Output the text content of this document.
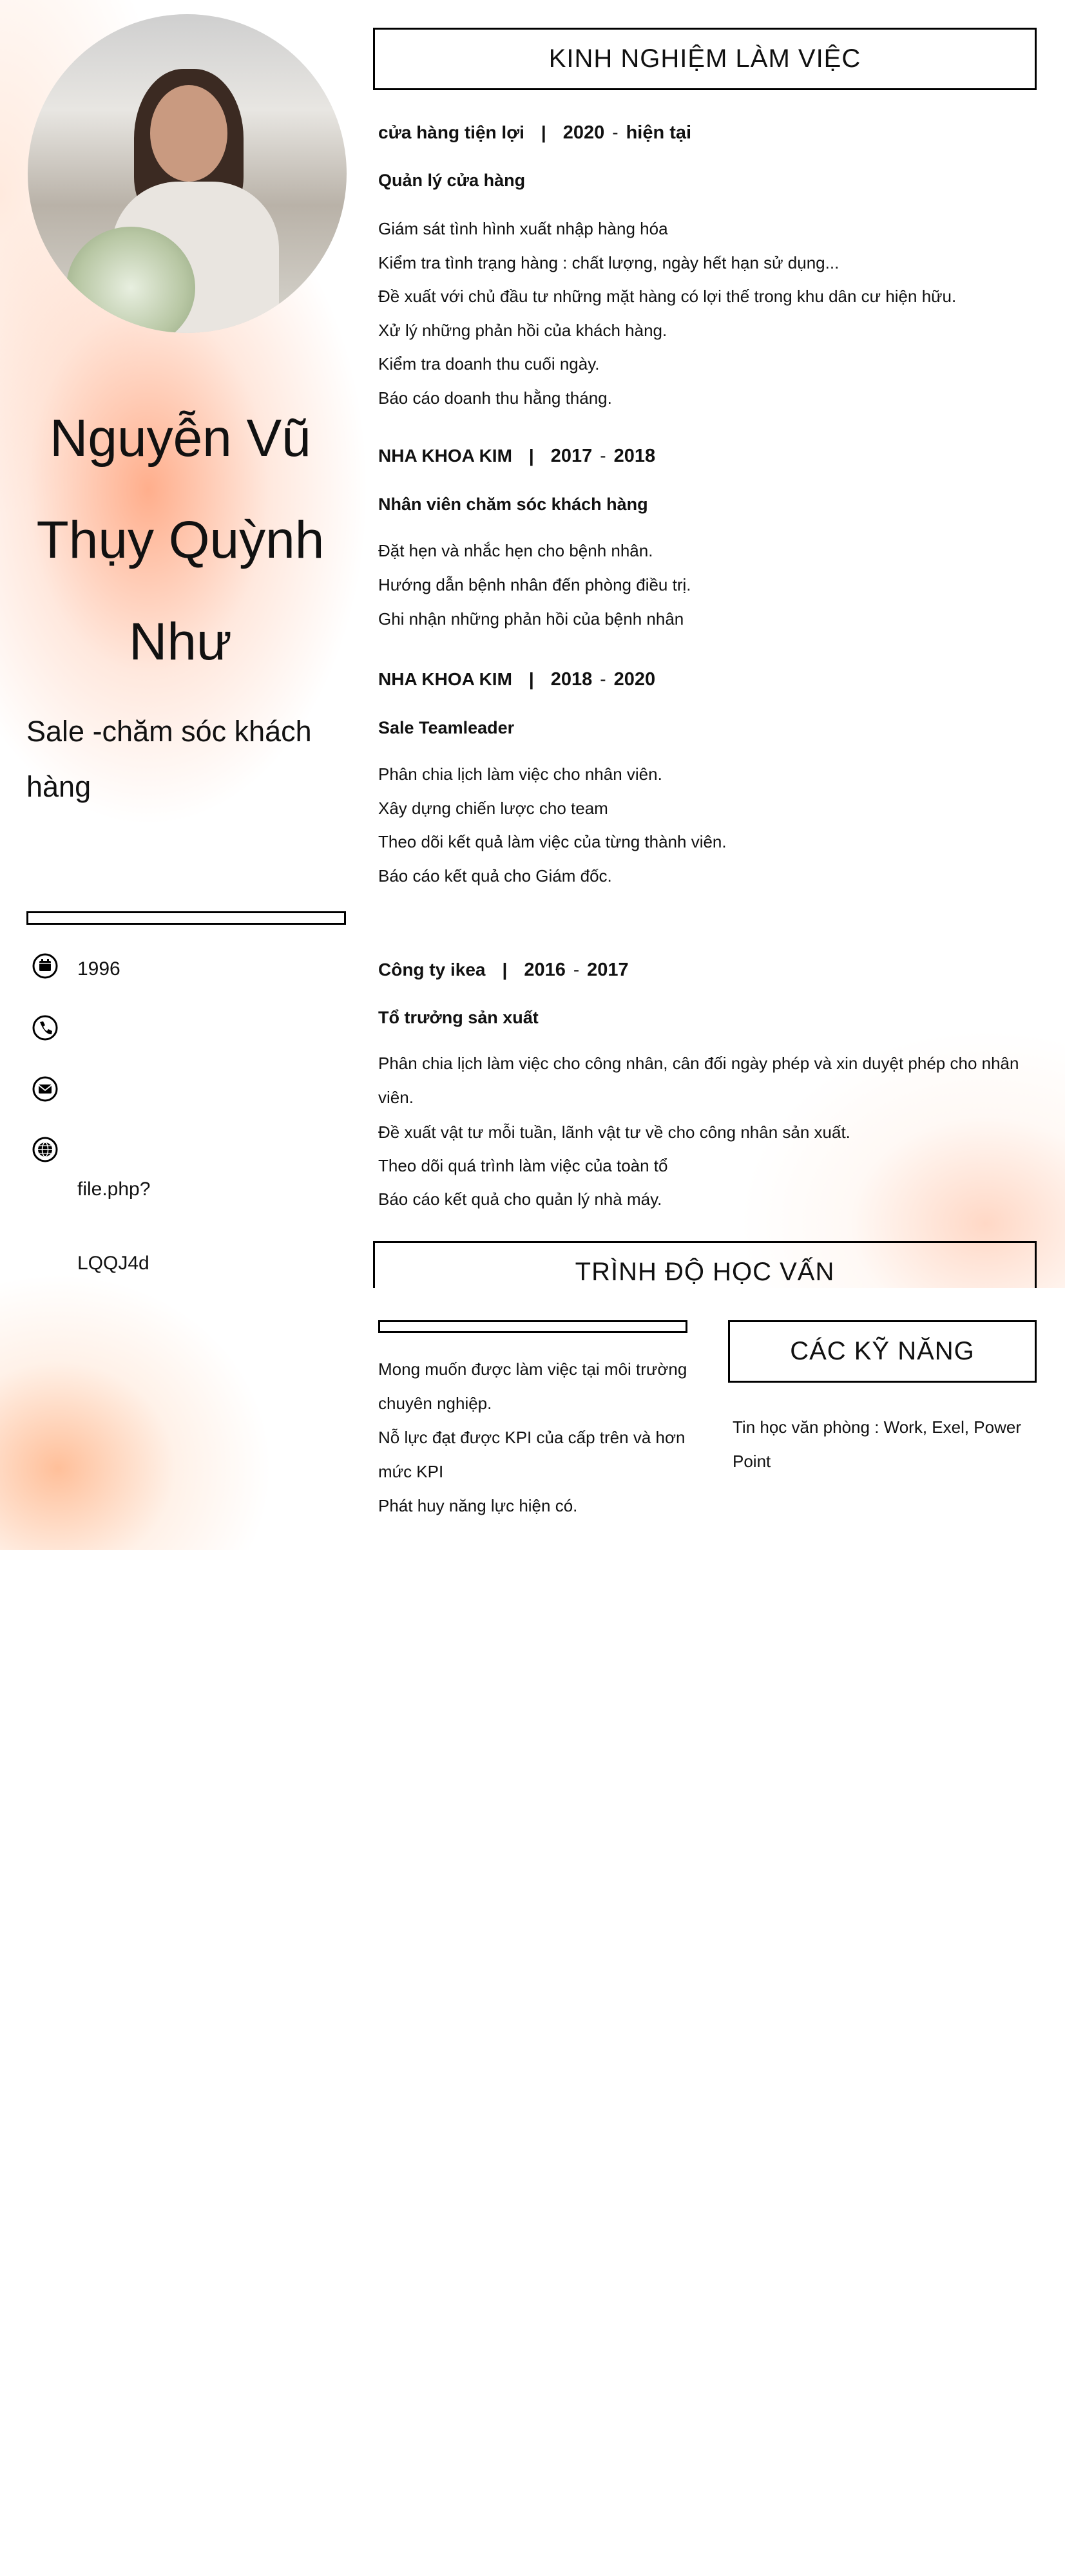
Nguyễn Vũ
Thụy Quỳnh
Như
Sale -chăm sóc khách hàng
1996
file.php?
LQQJ4d
KINH NGHIỆM LÀM VIỆC
cửa hàng tiện lợi | 2020 - hiện tại
Quản lý cửa hàng
Giám sát tình hình xuất nhập hàng hóa
Kiểm tra tình trạng hàng : chất lượng, ngày hết hạn sử dụng...
Đề xuất với chủ đầu tư những mặt hàng có lợi thế trong khu dân cư hiện hữu.
Xử lý những phản hồi của khách hàng.
Kiểm tra doanh thu cuối ngày.
Báo cáo doanh thu hằng tháng.
NHA KHOA KIM | 2017 - 2018
Nhân viên chăm sóc khách hàng
Đặt hẹn và nhắc hẹn cho bệnh nhân.
Hướng dẫn bệnh nhân đến phòng điều trị.
Ghi nhận những phản hồi của bệnh nhân
NHA KHOA KIM | 2018 - 2020
Sale Teamleader
Phân chia lịch làm việc cho nhân viên.
Xây dựng chiến lược cho team
Theo dõi kết quả làm việc của từng thành viên.
Báo cáo kết quả cho Giám đốc.
Công ty ikea | 2016 - 2017
Tổ trưởng sản xuất
Phân chia lịch làm việc cho công nhân, cân đối ngày phép và xin duyệt phép cho nhân viên.
Đề xuất vật tư mỗi tuần, lãnh vật tư về cho công nhân sản xuất.
Theo dõi quá trình làm việc của toàn tổ
Báo cáo kết quả cho quản lý nhà máy.
TRÌNH ĐỘ HỌC VẤN
Mong muốn được làm việc tại môi trường chuyên nghiệp.
Nỗ lực đạt được KPI của cấp trên và hơn mức KPI
Phát huy năng lực hiện có.
CÁC KỸ NĂNG
Tin học văn phòng : Work, Exel, Power Point
